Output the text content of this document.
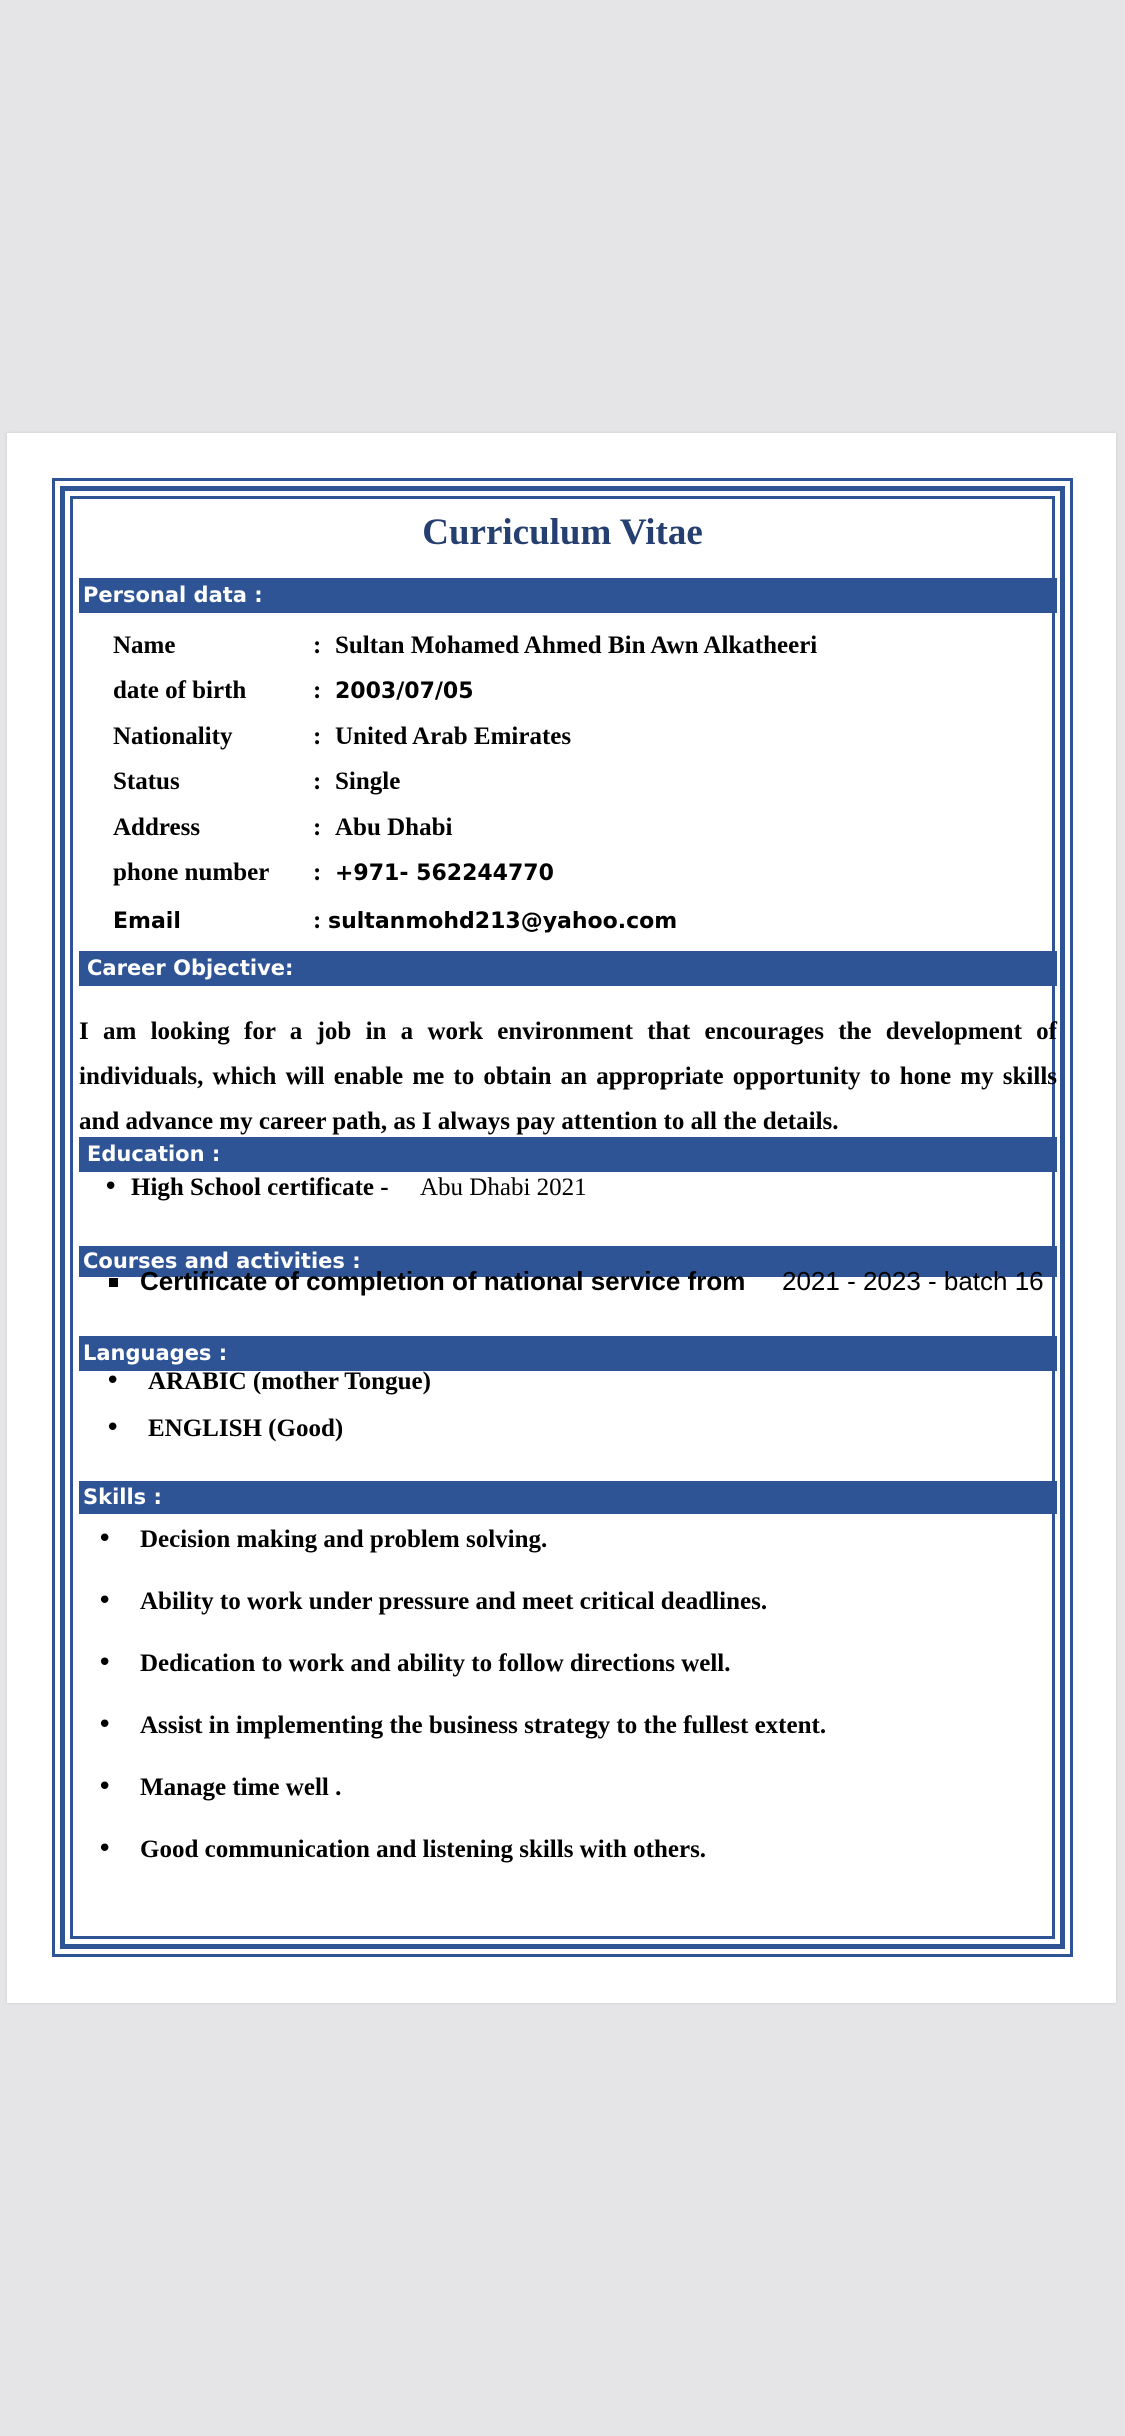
Curriculum Vitae
Personal data :
Name	: Sultan Mohamed Ahmed Bin Awn Alkatheeri
date of birth	: 2003/07/05
Nationality	: United Arab Emirates
Status	: Single
Address	: Abu Dhabi
phone number : +971- 562244770
Email	: sultanmohd213@yahoo.com
Career Objective:
I am looking for a job in a work environment that encourages the development of individuals, which will enable me to obtain an appropriate opportunity to hone my skills and advance my career path, as I always pay attention to all the details.
Education :
• High School certificate - Abu Dhabi 2021
Courses and activities :
Certificate of completion of national service from 2021 - 2023 - batch 16
Languages :
• ARABIC (mother Tongue)
• ENGLISH (Good)
Skills :
• Decision making and problem solving.
• Ability to work under pressure and meet critical deadlines.
• Dedication to work and ability to follow directions well.
• Assist in implementing the business strategy to the fullest extent.
• Manage time well .
• Good communication and listening skills with others.
